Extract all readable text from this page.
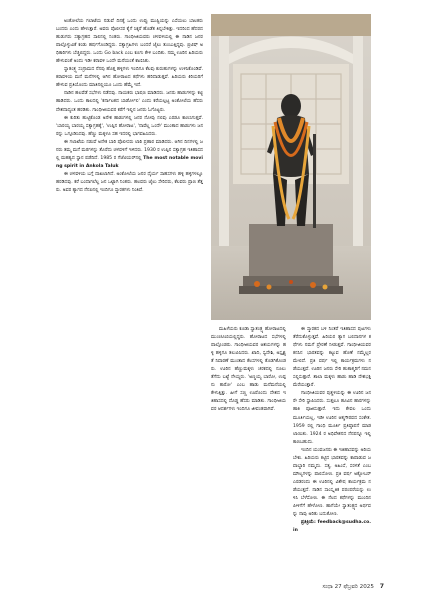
ಅಂಕೋಲೆಯ ಗಲಾಟೆಯ ನಡುವೆ ದಿನಕ್ಕೆ ಒಂದು ಉಪ್ಪು ಮುಷ್ಟಿಯನ್ನು ಎಸೆಯಲು ಬಾಲಕರು ಬಂದರು ಎಂದು ಹೇಳುತ್ತಾರೆ. ಅವರು ಪೊಲೀಸರ ಕೈಗೆ ಸಿಕ್ಕರೆ ಹೊಡೆತ ತಿನ್ನಬೇಕಿತ್ತು. ಇದರಿಂದ ಹೆದರದ ಹುಡುಗರು ಸತ್ಯಾಗ್ರಹದ ಸಾಲಿನಲ್ಲಿ ನಿಂತರು. ಗಾಂಧೀಜಿಯವರು ಚಳವಳಿಯಲ್ಲಿ ಈ ನಾಡಿನ ಜನರ ಪಾಲ್ಗೊಳ್ಳುವಿಕೆ ಕಂಡು ಹರ್ಷಗೊಂಡಿದ್ದರು. ಸತ್ಯಾಗ್ರಹಿಗಳು ಬಂದರೆ ಜೈಲು ತುಂಬುತ್ತಿದ್ದವು. ಬ್ರಿಟಿಷ್ ಅಧಿಕಾರಿಗಳು ಬೆಚ್ಚಿಬಿದ್ದರು. ಒಂದು Go back ಎಂಬ ಕೂಗು ಕೇಳಿ ಬಂದಿತು. ನಮ್ಮ ಊರಿನ ಹಿರಿಯರು ಹೇಳುವಂತೆ ಅಂದು ಇಡೀ ಕರಾವಳಿ ಒಂದೇ ಮನೆಯಂತೆ ಕಾಣಿಸಿತು.

ಸ್ವಾತಂತ್ರ್ಯ ಸಂಗ್ರಾಮದ ನೆನಪು ಹೊತ್ತ ಹಳ್ಳಿಗಳು ಇಂದಿಗೂ ಕೆಲವು ಕುರುಹುಗಳನ್ನು ಉಳಿಸಿಕೊಂಡಿವೆ. ಕರಾವಳಿಯ ಮನೆ ಮನೆಗಳಲ್ಲಿ ಆಗಿನ ಹೋರಾಟದ ಕಥೆಗಳು ಹರಿದಾಡುತ್ತವೆ. ಹಿರಿಯರು ಕಿರಿಯರಿಗೆ ಹೇಳುವ ಪ್ರತಿಯೊಂದು ಮಾತಿನಲ್ಲಿಯೂ ಒಂದು ಹೆಮ್ಮೆ ಇದೆ.

ನಾಡಿನ ಹಲವೆಡೆ ಸಭೆಗಳು ನಡೆದವು. ನಾಯಕರು ಭಾಷಣ ಮಾಡಿದರು. ಜನರು ಹಾಡುಗಳನ್ನು ಕಟ್ಟಿ ಹಾಡಿದರು. ಒಂದು ಕಾಲದಲ್ಲಿ 'ಕರ್ನಾಟಕದ ಬಾರ್ಡೋಲಿ' ಎಂದು ಕರೆಯಲ್ಪಟ್ಟ ಅಂಕೋಲೆಯ ಹೆಸರು ದೇಶದಾದ್ಯಂತ ಹರಡಿತು. ಗಾಂಧೀಜಿಯವರ ಕರೆಗೆ ಇಲ್ಲಿನ ಜನರು ಓಗೊಟ್ಟರು.

ಈ ಕುರಿತು ಹುಟ್ಟಿಕೊಂಡ ಅನೇಕ ಹಾಡುಗಳಲ್ಲಿ ಜನರ ನೋವು ನಲಿವು ಎರಡೂ ಕಾಣಸಿಗುತ್ತವೆ. 'ಬಾರಯ್ಯ ಬಾರಯ್ಯ ಸತ್ಯಾಗ್ರಹಕ್ಕೆ', 'ಉಪ್ಪಿನ ಹೋರಾಟ', 'ನಾವೆಲ್ಲ ಒಂದೇ' ಮುಂತಾದ ಹಾಡುಗಳು ಜನರನ್ನು ಒಗ್ಗೂಡಿಸಿದವು. ಹೆಣ್ಣು ಮಕ್ಕಳೂ ಸಹ ಇದರಲ್ಲಿ ಭಾಗವಹಿಸಿದರು.

ಈ ಗಲಾಟೆಯ ನಡುವೆ ಅನೇಕ ಬಾರಿ ಪೊಲೀಸರು ಲಾಠಿ ಪ್ರಹಾರ ಮಾಡಿದರು. ಆಗಿನ ದಿನಗಳಲ್ಲಿ ಜನರು ತಮ್ಮ ಮನೆ ಮಠಗಳನ್ನು ತೊರೆದು ಚಳವಳಿಗೆ ಇಳಿದರು. 1930 ರ ಉಪ್ಪಿನ ಸತ್ಯಾಗ್ರಹ ಇತಿಹಾಸದಲ್ಲಿ ಮಹತ್ವದ ಸ್ಥಾನ ಪಡೆದಿದೆ. 1985 ರ ಗೆಜೆಟಿಯರ್‌ನಲ್ಲಿ The most notable moving spirit in Ankola Taluk

ಈ ಚಳವಳಿಯ ಬಗ್ಗೆ ದಾಖಲಾಗಿದೆ. ಅಂಕೋಲೆಯ ಜನರ ಧೈರ್ಯ ಸಾಹಸಗಳು ಹಳ್ಳಿ ಹಳ್ಳಿಗಳಲ್ಲೂ ಹರಡಿದವು. ಕರೆ ಬಂದಾಗಲೆಲ್ಲ ಜನ ಒಟ್ಟಾಗಿ ನಿಂತರು. ಹಲವರು ಜೈಲು ಸೇರಿದರು, ಕೆಲವರು ಪ್ರಾಣ ತೆತ್ತರು. ಅವರ ತ್ಯಾಗದ ನೆನಪಿನಲ್ಲಿ ಇಂದಿಗೂ ಸ್ಮಾರಕಗಳು ನಿಂತಿವೆ.

ಮಹಿಳೆಯರು ಕೂಡಾ ಸ್ವಾತಂತ್ರ್ಯ ಹೋರಾಟದಲ್ಲಿ ಮುಂಚೂಣಿಯಲ್ಲಿದ್ದರು. ಹೋರಾಟದ ಸಭೆಗಳಲ್ಲಿ ಪಾಲ್ಗೊಂಡರು. ಗಾಂಧೀಜಿಯವರ ಆಶಯಗಳನ್ನು ಹಳ್ಳಿ ಹಳ್ಳಿಗೂ ತಲುಪಿಸಿದರು. ಖಾದಿ, ಸ್ವದೇಶಿ, ಅಸ್ಪೃಶ್ಯತೆ ನಿವಾರಣೆ ಮುಂತಾದ ಕೆಲಸಗಳಲ್ಲಿ ತೊಡಗಿಕೊಂಡರು. ಊರಿನ ಹೆಣ್ಣುಮಕ್ಕಳು ಚರಕದಲ್ಲಿ ನೂಲು ತೆಗೆದು ಬಟ್ಟೆ ನೇಯ್ದರು. 'ಅಣ್ಣಯ್ಯ ಬಾರೋ, ಉಪ್ಪನು ತಾರೋ' ಎಂಬ ಹಾಡು ಮನೆಮನೆಯಲ್ಲಿ ಕೇಳುತ್ತಿತ್ತು. ಹೀಗೆ ಸಣ್ಣ ಊರೊಂದು ದೇಶದ ಇತಿಹಾಸದಲ್ಲಿ ದೊಡ್ಡ ಹೆಸರು ಮಾಡಿತು. ಗಾಂಧೀಜಿಯವರ ಆದರ್ಶಗಳು ಇಂದಿಗೂ ಜೀವಂತವಾಗಿವೆ.

ಈ ಸ್ಮಾರಕದ ಬಳಿ ನಿಂತರೆ ಇತಿಹಾಸದ ಪುಟಗಳು ತೆರೆದುಕೊಳ್ಳುತ್ತವೆ. ಹಿರಿಯರ ತ್ಯಾಗ ಬಲಿದಾನಗಳ ಕಥೆಗಳು ನಮಗೆ ಪ್ರೇರಣೆ ನೀಡುತ್ತವೆ. ಗಾಂಧೀಜಿಯವರ ಕನಸಿನ ಭಾರತವನ್ನು ಕಟ್ಟುವ ಹೊಣೆ ನಮ್ಮೆಲ್ಲರ ಮೇಲಿದೆ. ಪ್ರತಿ ವರ್ಷ ಇಲ್ಲಿ ಕಾರ್ಯಕ್ರಮಗಳು ನಡೆಯುತ್ತವೆ. ಊರಿನ ಜನರು ಸೇರಿ ಹುತಾತ್ಮರಿಗೆ ನಮನ ಸಲ್ಲಿಸುತ್ತಾರೆ. ಶಾಲಾ ಮಕ್ಕಳು ಹಾಡು ಹಾಡಿ ದೇಶಭಕ್ತಿ ಮೆರೆಯುತ್ತಾರೆ.

ಗಾಂಧೀಜಿಯವರ ಪುತ್ಥಳಿಯನ್ನು ಈ ಊರಿನ ಜನರೇ ಸೇರಿ ಸ್ಥಾಪಿಸಿದರು. ಸುತ್ತಲೂ ಹೂವಿನ ಹಾರಗಳನ್ನು ಹಾಕಿ ಪೂಜಿಸುತ್ತಾರೆ. ಇದು ಕೇವಲ ಒಂದು ಮೂರ್ತಿಯಲ್ಲ, ಇಡೀ ಊರಿನ ಆತ್ಮಗೌರವದ ಸಂಕೇತ. 1959 ರಲ್ಲಿ ಗಾಂಧಿ ಮೂರ್ತಿ ಪ್ರತಿಷ್ಠಾಪನೆ ಮಾಡಲಾಯಿತು. 1924 ರ ಅಧಿವೇಶನದ ನೆನಪನ್ನೂ ಇಲ್ಲಿ ಕಾಣಬಹುದು.

ಇಂದಿನ ಯುವಜನರು ಈ ಇತಿಹಾಸವನ್ನು ಅರಿಯಬೇಕು. ಹಿರಿಯರು ಕಟ್ಟಿದ ಭಾರತವನ್ನು ಕಾಪಾಡುವ ಜವಾಬ್ದಾರಿ ನಮ್ಮದು. ಸತ್ಯ, ಅಹಿಂಸೆ, ಸರಳತೆ ಎಂಬ ಮೌಲ್ಯಗಳನ್ನು ಪಾಲಿಸೋಣ. ಪ್ರತಿ ವರ್ಷ ಅಕ್ಟೋಬರ್ ಎರಡರಂದು ಈ ಊರಿನಲ್ಲಿ ವಿಶೇಷ ಕಾರ್ಯಕ್ರಮ ನಡೆಯುತ್ತದೆ. ನಾಡಿನ ಸಾಂಸ್ಕೃತಿಕ ಪರಂಪರೆಯನ್ನು ಉಳಿಸಿ ಬೆಳೆಸೋಣ. ಈ ನೆಲದ ಕಥೆಗಳನ್ನು ಮುಂದಿನ ಪೀಳಿಗೆಗೆ ಹೇಳೋಣ. ಹಾಗೆಯೇ ಸ್ವಾತಂತ್ರ್ಯದ ಅರ್ಥವನ್ನು ನಾವು ಅರಿತು ಬದುಕೋಣ.

ಪ್ರತಿಕ್ರಿಯೆ: feedback@sudha.co.in

ಸುಧಾ 27 ಫೆಬ್ರವರಿ 2025 7
